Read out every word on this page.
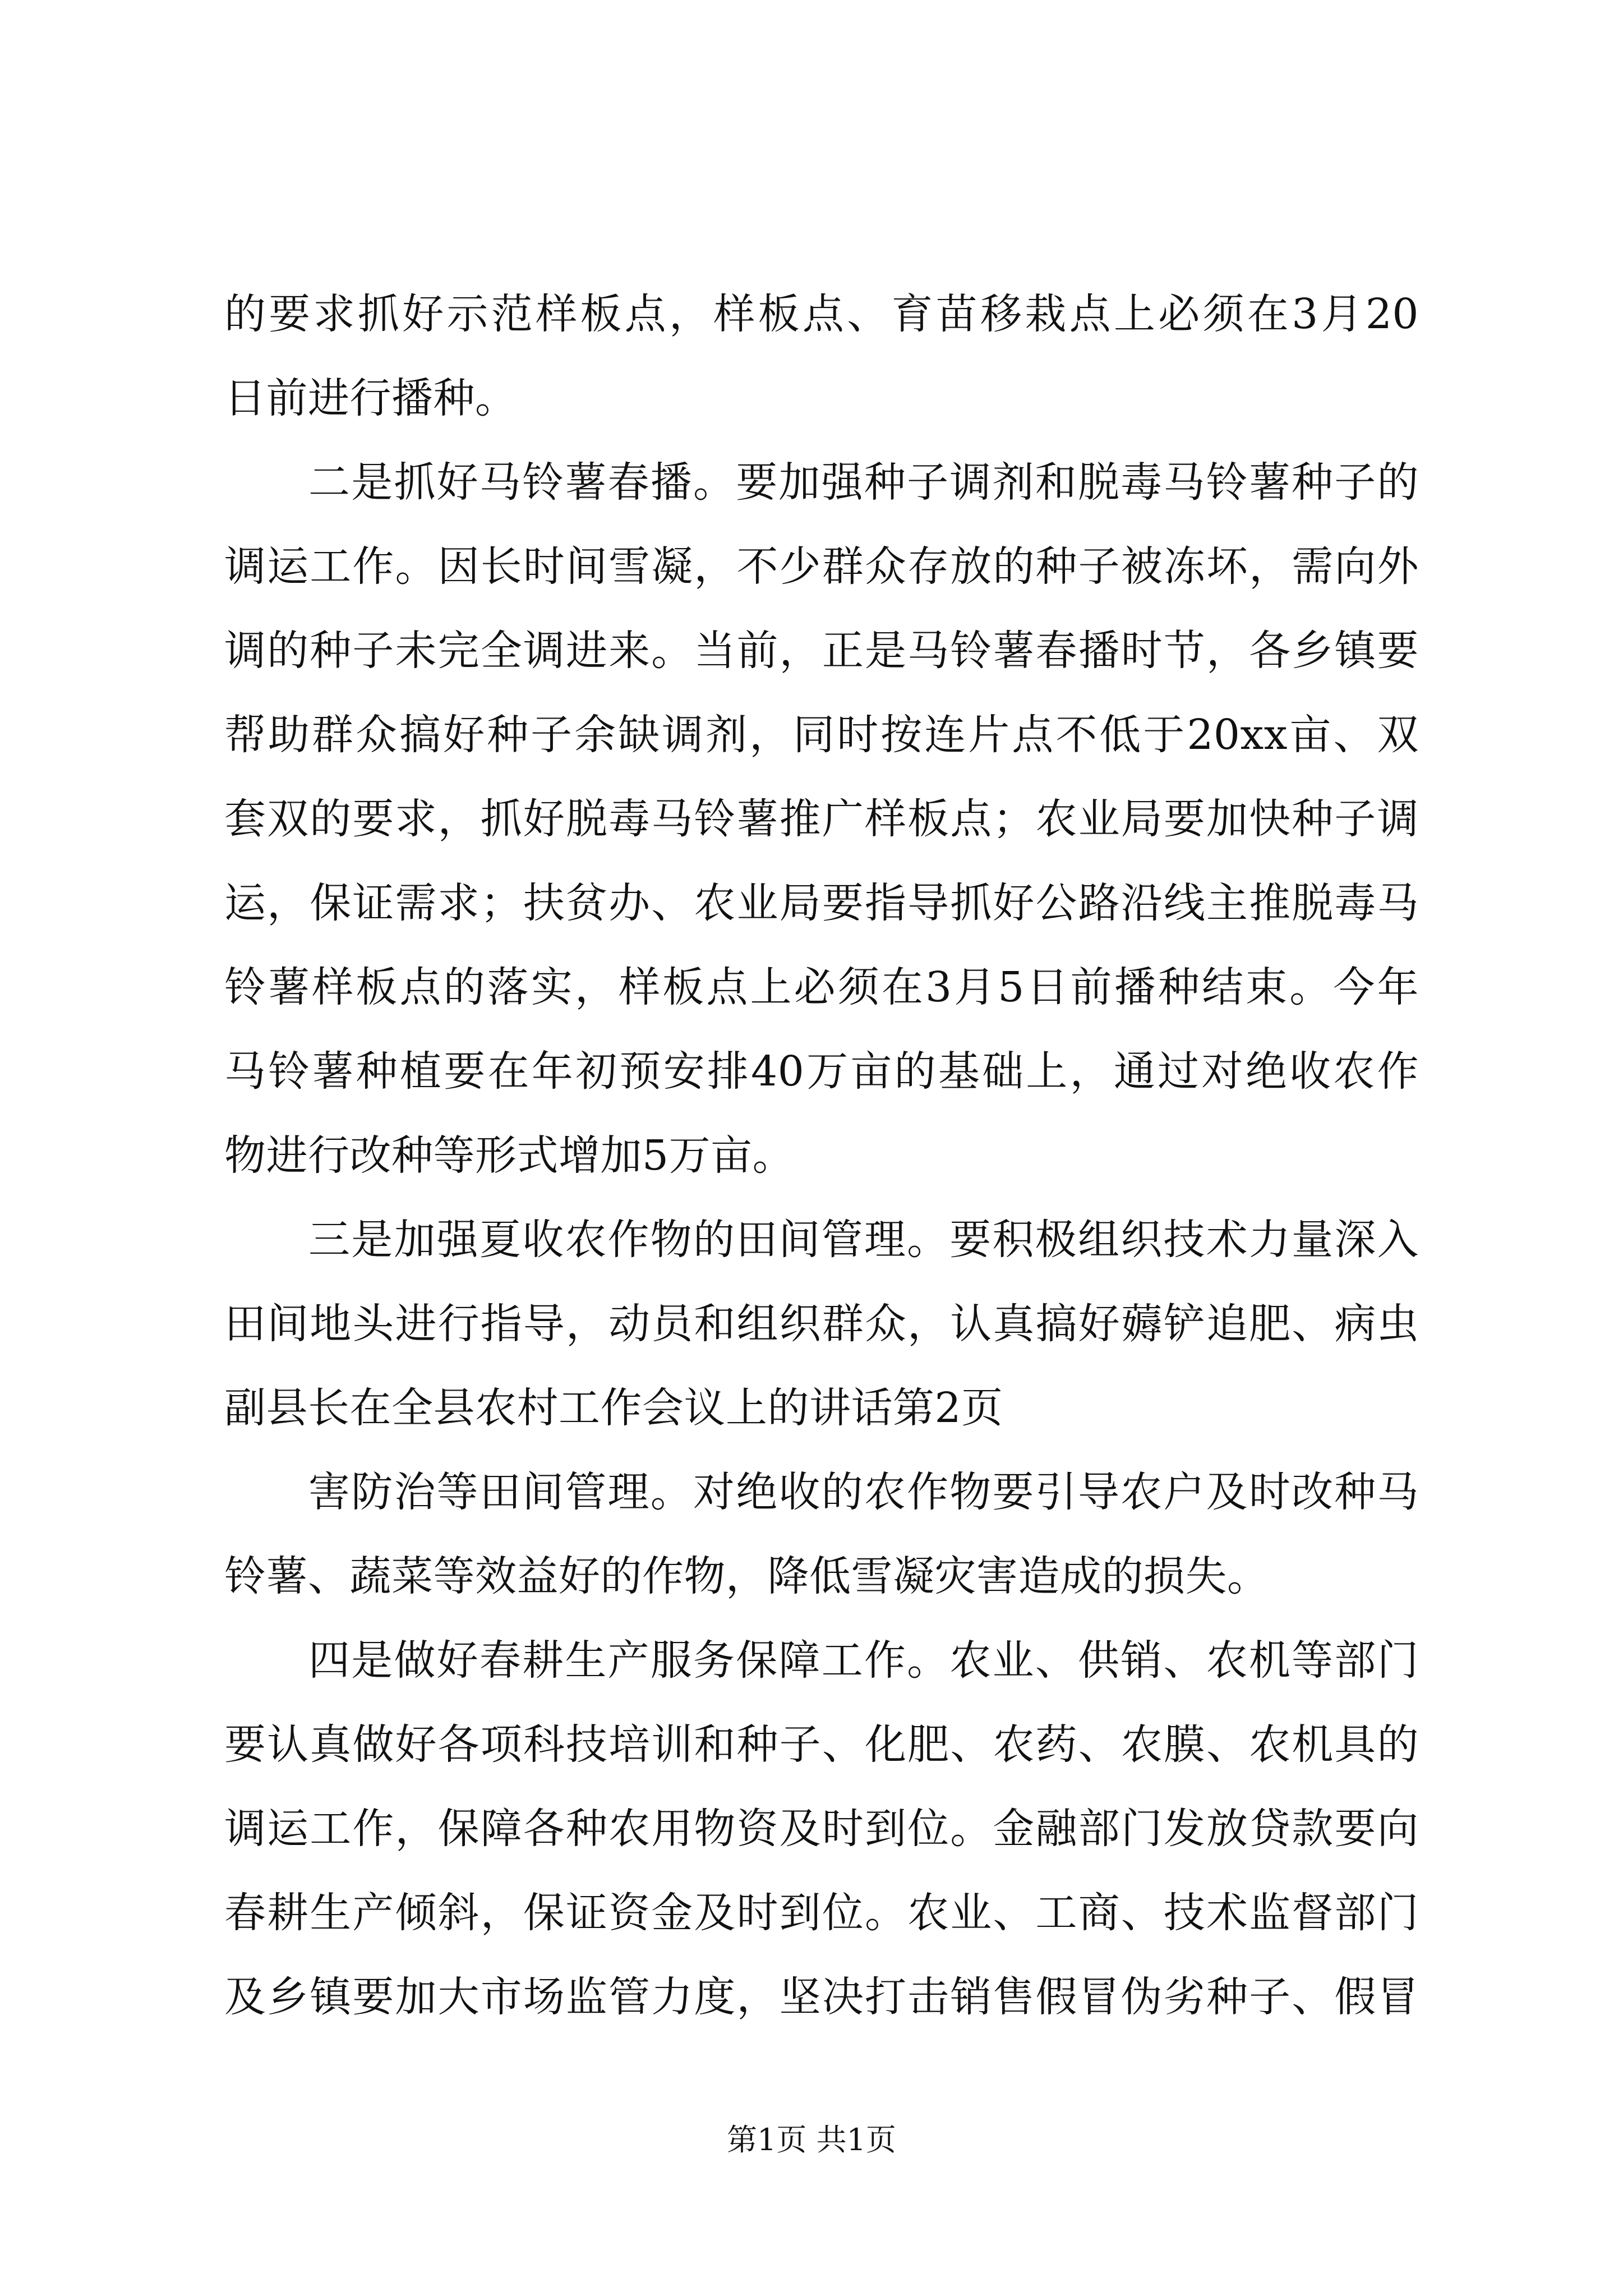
的要求抓好示范样板点，样板点、育苗移栽点上必须在3月20
日前进行播种。
二是抓好马铃薯春播。要加强种子调剂和脱毒马铃薯种子的
调运工作。因长时间雪凝，不少群众存放的种子被冻坏，需向外
调的种子未完全调进来。当前，正是马铃薯春播时节，各乡镇要
帮助群众搞好种子余缺调剂，同时按连片点不低于20xx亩、双
套双的要求，抓好脱毒马铃薯推广样板点；农业局要加快种子调
运，保证需求；扶贫办、农业局要指导抓好公路沿线主推脱毒马
铃薯样板点的落实，样板点上必须在3月5日前播种结束。今年
马铃薯种植要在年初预安排40万亩的基础上，通过对绝收农作
物进行改种等形式增加5万亩。
三是加强夏收农作物的田间管理。要积极组织技术力量深入
田间地头进行指导，动员和组织群众，认真搞好薅铲追肥、病虫
副县长在全县农村工作会议上的讲话第2页
害防治等田间管理。对绝收的农作物要引导农户及时改种马
铃薯、蔬菜等效益好的作物，降低雪凝灾害造成的损失。
四是做好春耕生产服务保障工作。农业、供销、农机等部门
要认真做好各项科技培训和种子、化肥、农药、农膜、农机具的
调运工作，保障各种农用物资及时到位。金融部门发放贷款要向
春耕生产倾斜，保证资金及时到位。农业、工商、技术监督部门
及乡镇要加大市场监管力度，坚决打击销售假冒伪劣种子、假冒
第1页 共1页
